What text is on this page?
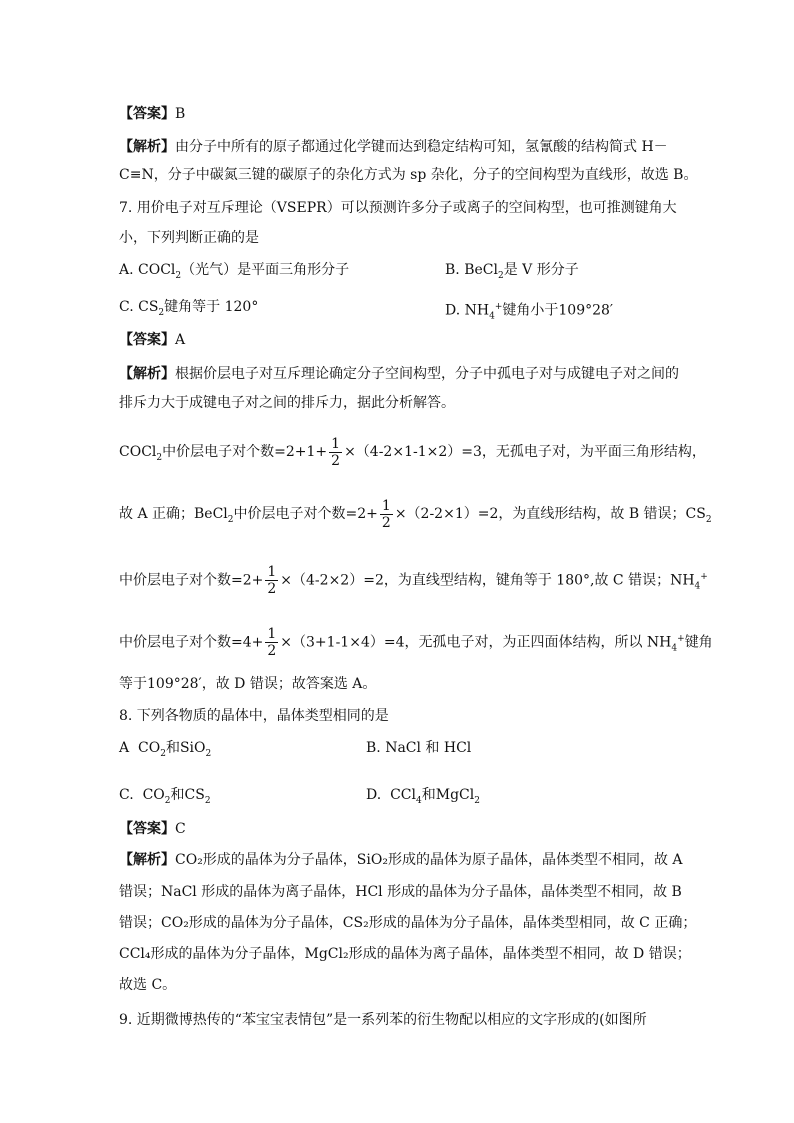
【答案】B
【解析】由分子中所有的原子都通过化学键而达到稳定结构可知，氢氰酸的结构简式 H－
C≡N，分子中碳氮三键的碳原子的杂化方式为 sp 杂化，分子的空间构型为直线形，故选 B。
7. 用价电子对互斥理论（VSEPR）可以预测许多分子或离子的空间构型，也可推测键角大
小，下列判断正确的是
A. COCl$_2$（光气）是平面三角形分子	B. BeCl$_2$是 V 形分子
C. $CS_2$键角等于 120°	D. $NH_4^+$键角小于109°28′
【答案】A
【解析】根据价层电子对互斥理论确定分子空间构型，分子中孤电子对与成键电子对之间的
排斥力大于成键电子对之间的排斥力，据此分析解答。
COCl$_2$中价层电子对个数$=2+1+ \frac{1}{2} \times(4-2\times 1-1\times 2)=3$，无孤电子对，为平面三角形结构，
故 A 正确；BeCl$_2$中价层电子对个数$=2+ \frac{1}{2} \times(2-2\times 1)=2$，为直线形结构，故 B 错误；$CS_2$
中价层电子对个数$=2+ \frac{1}{2} \times(4-2\times 2)=2$，为直线型结构，键角等于 180°,故 C 错误；$NH_4^+$
中价层电子对个数$=4+ \frac{1}{2} \times(3+1-1\times 4)=4$，无孤电子对，为正四面体结构，所以 $NH_4^+$键角
等于109°28′，故 D 错误；故答案选 A。
8. 下列各物质的晶体中，晶体类型相同的是
A $CO_2$和SiO$_2$	B. NaCl 和 HCl
C. $CO_2$和$CS_2$	D. CCl$_4$和MgCl$_2$
【答案】C
【解析】CO₂形成的晶体为分子晶体，SiO₂形成的晶体为原子晶体，晶体类型不相同，故 A
错误；NaCl 形成的晶体为离子晶体，HCl 形成的晶体为分子晶体，晶体类型不相同，故 B
错误；CO₂形成的晶体为分子晶体，CS₂形成的晶体为分子晶体，晶体类型相同，故 C 正确；
CCl₄形成的晶体为分子晶体，MgCl₂形成的晶体为离子晶体，晶体类型不相同，故 D 错误；
故选 C。
9. 近期微博热传的“苯宝宝表情包”是一系列苯的衍生物配以相应的文字形成的(如图所
